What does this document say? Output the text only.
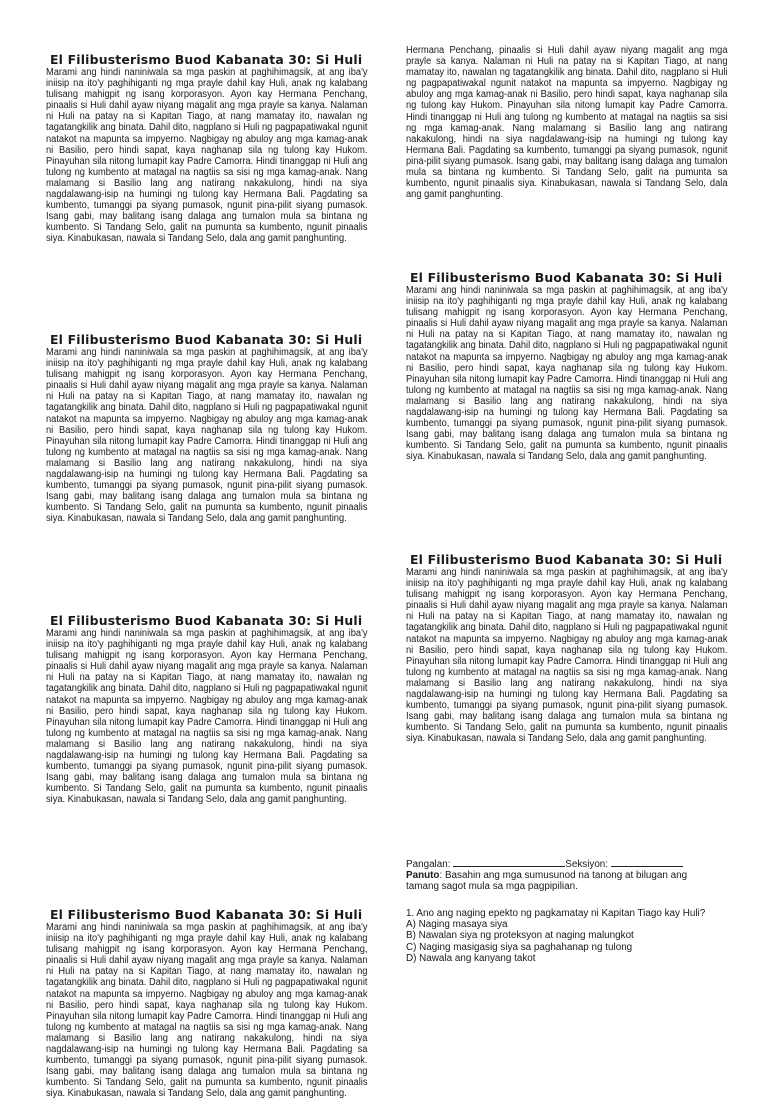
El Filibusterismo Buod Kabanata 30: Si Huli

Marami ang hindi naniniwala sa mga paskin at paghihimagsik, at ang iba'y iniisip na ito'y paghihiganti ng mga prayle dahil kay Huli, anak ng kalabang tulisang mahigpit ng isang korporasyon. Ayon kay Hermana Penchang, pinaalis si Huli dahil ayaw niyang magalit ang mga prayle sa kanya. Nalaman ni Huli na patay na si Kapitan Tiago, at nang mamatay ito, nawalan ng tagatangkilik ang binata. Dahil dito, nagplano si Huli ng pagpapatiwakal ngunit natakot na mapunta sa impyerno. Nagbigay ng abuloy ang mga kamag-anak ni Basilio, pero hindi sapat, kaya naghanap sila ng tulong kay Hukom. Pinayuhan sila nitong lumapit kay Padre Camorra. Hindi tinanggap ni Huli ang tulong ng kumbento at matagal na nagtiis sa sisi ng mga kamag-anak. Nang malamang si Basilio lang ang natirang nakakulong, hindi na siya nagdalawang-isip na humingi ng tulong kay Hermana Bali. Pagdating sa kumbento, tumanggi pa siyang pumasok, ngunit pina-pilit siyang pumasok. Isang gabi, may balitang isang dalaga ang tumalon mula sa bintana ng kumbento. Si Tandang Selo, galit na pumunta sa kumbento, ngunit pinaalis siya. Kinabukasan, nawala si Tandang Selo, dala ang gamit panghunting.

El Filibusterismo Buod Kabanata 30: Si Huli

Marami ang hindi naniniwala sa mga paskin at paghihimagsik, at ang iba'y iniisip na ito'y paghihiganti ng mga prayle dahil kay Huli, anak ng kalabang tulisang mahigpit ng isang korporasyon. Ayon kay Hermana Penchang, pinaalis si Huli dahil ayaw niyang magalit ang mga prayle sa kanya. Nalaman ni Huli na patay na si Kapitan Tiago, at nang mamatay ito, nawalan ng tagatangkilik ang binata. Dahil dito, nagplano si Huli ng pagpapatiwakal ngunit natakot na mapunta sa impyerno. Nagbigay ng abuloy ang mga kamag-anak ni Basilio, pero hindi sapat, kaya naghanap sila ng tulong kay Hukom. Pinayuhan sila nitong lumapit kay Padre Camorra. Hindi tinanggap ni Huli ang tulong ng kumbento at matagal na nagtiis sa sisi ng mga kamag-anak. Nang malamang si Basilio lang ang natirang nakakulong, hindi na siya nagdalawang-isip na humingi ng tulong kay Hermana Bali. Pagdating sa kumbento, tumanggi pa siyang pumasok, ngunit pina-pilit siyang pumasok. Isang gabi, may balitang isang dalaga ang tumalon mula sa bintana ng kumbento. Si Tandang Selo, galit na pumunta sa kumbento, ngunit pinaalis siya. Kinabukasan, nawala si Tandang Selo, dala ang gamit panghunting.

El Filibusterismo Buod Kabanata 30: Si Huli

Marami ang hindi naniniwala sa mga paskin at paghihimagsik, at ang iba'y iniisip na ito'y paghihiganti ng mga prayle dahil kay Huli, anak ng kalabang tulisang mahigpit ng isang korporasyon. Ayon kay Hermana Penchang, pinaalis si Huli dahil ayaw niyang magalit ang mga prayle sa kanya. Nalaman ni Huli na patay na si Kapitan Tiago, at nang mamatay ito, nawalan ng tagatangkilik ang binata. Dahil dito, nagplano si Huli ng pagpapatiwakal ngunit natakot na mapunta sa impyerno. Nagbigay ng abuloy ang mga kamag-anak ni Basilio, pero hindi sapat, kaya naghanap sila ng tulong kay Hukom. Pinayuhan sila nitong lumapit kay Padre Camorra. Hindi tinanggap ni Huli ang tulong ng kumbento at matagal na nagtiis sa sisi ng mga kamag-anak. Nang malamang si Basilio lang ang natirang nakakulong, hindi na siya nagdalawang-isip na humingi ng tulong kay Hermana Bali. Pagdating sa kumbento, tumanggi pa siyang pumasok, ngunit pina-pilit siyang pumasok. Isang gabi, may balitang isang dalaga ang tumalon mula sa bintana ng kumbento. Si Tandang Selo, galit na pumunta sa kumbento, ngunit pinaalis siya. Kinabukasan, nawala si Tandang Selo, dala ang gamit panghunting.

El Filibusterismo Buod Kabanata 30: Si Huli

Marami ang hindi naniniwala sa mga paskin at paghihimagsik, at ang iba'y iniisip na ito'y paghihiganti ng mga prayle dahil kay Huli, anak ng kalabang tulisang mahigpit ng isang korporasyon. Ayon kay Hermana Penchang, pinaalis si Huli dahil ayaw niyang magalit ang mga prayle sa kanya. Nalaman ni Huli na patay na si Kapitan Tiago, at nang mamatay ito, nawalan ng tagatangkilik ang binata. Dahil dito, nagplano si Huli ng pagpapatiwakal ngunit natakot na mapunta sa impyerno. Nagbigay ng abuloy ang mga kamag-anak ni Basilio, pero hindi sapat, kaya naghanap sila ng tulong kay Hukom. Pinayuhan sila nitong lumapit kay Padre Camorra. Hindi tinanggap ni Huli ang tulong ng kumbento at matagal na nagtiis sa sisi ng mga kamag-anak. Nang malamang si Basilio lang ang natirang nakakulong, hindi na siya nagdalawang-isip na humingi ng tulong kay Hermana Bali. Pagdating sa kumbento, tumanggi pa siyang pumasok, ngunit pina-pilit siyang pumasok. Isang gabi, may balitang isang dalaga ang tumalon mula sa bintana ng kumbento. Si Tandang Selo, galit na pumunta sa kumbento, ngunit pinaalis siya. Kinabukasan, nawala si Tandang Selo, dala ang gamit panghunting.

Hermana Penchang, pinaalis si Huli dahil ayaw niyang magalit ang mga prayle sa kanya. Nalaman ni Huli na patay na si Kapitan Tiago, at nang mamatay ito, nawalan ng tagatangkilik ang binata. Dahil dito, nagplano si Huli ng pagpapatiwakal ngunit natakot na mapunta sa impyerno. Nagbigay ng abuloy ang mga kamag-anak ni Basilio, pero hindi sapat, kaya naghanap sila ng tulong kay Hukom. Pinayuhan sila nitong lumapit kay Padre Camorra. Hindi tinanggap ni Huli ang tulong ng kumbento at matagal na nagtiis sa sisi ng mga kamag-anak. Nang malamang si Basilio lang ang natirang nakakulong, hindi na siya nagdalawang-isip na humingi ng tulong kay Hermana Bali. Pagdating sa kumbento, tumanggi pa siyang pumasok, ngunit pina-pilit siyang pumasok. Isang gabi, may balitang isang dalaga ang tumalon mula sa bintana ng kumbento. Si Tandang Selo, galit na pumunta sa kumbento, ngunit pinaalis siya. Kinabukasan, nawala si Tandang Selo, dala ang gamit panghunting.

El Filibusterismo Buod Kabanata 30: Si Huli

Marami ang hindi naniniwala sa mga paskin at paghihimagsik, at ang iba'y iniisip na ito'y paghihiganti ng mga prayle dahil kay Huli, anak ng kalabang tulisang mahigpit ng isang korporasyon. Ayon kay Hermana Penchang, pinaalis si Huli dahil ayaw niyang magalit ang mga prayle sa kanya. Nalaman ni Huli na patay na si Kapitan Tiago, at nang mamatay ito, nawalan ng tagatangkilik ang binata. Dahil dito, nagplano si Huli ng pagpapatiwakal ngunit natakot na mapunta sa impyerno. Nagbigay ng abuloy ang mga kamag-anak ni Basilio, pero hindi sapat, kaya naghanap sila ng tulong kay Hukom. Pinayuhan sila nitong lumapit kay Padre Camorra. Hindi tinanggap ni Huli ang tulong ng kumbento at matagal na nagtiis sa sisi ng mga kamag-anak. Nang malamang si Basilio lang ang natirang nakakulong, hindi na siya nagdalawang-isip na humingi ng tulong kay Hermana Bali. Pagdating sa kumbento, tumanggi pa siyang pumasok, ngunit pina-pilit siyang pumasok. Isang gabi, may balitang isang dalaga ang tumalon mula sa bintana ng kumbento. Si Tandang Selo, galit na pumunta sa kumbento, ngunit pinaalis siya. Kinabukasan, nawala si Tandang Selo, dala ang gamit panghunting.

El Filibusterismo Buod Kabanata 30: Si Huli

Marami ang hindi naniniwala sa mga paskin at paghihimagsik, at ang iba'y iniisip na ito'y paghihiganti ng mga prayle dahil kay Huli, anak ng kalabang tulisang mahigpit ng isang korporasyon. Ayon kay Hermana Penchang, pinaalis si Huli dahil ayaw niyang magalit ang mga prayle sa kanya. Nalaman ni Huli na patay na si Kapitan Tiago, at nang mamatay ito, nawalan ng tagatangkilik ang binata. Dahil dito, nagplano si Huli ng pagpapatiwakal ngunit natakot na mapunta sa impyerno. Nagbigay ng abuloy ang mga kamag-anak ni Basilio, pero hindi sapat, kaya naghanap sila ng tulong kay Hukom. Pinayuhan sila nitong lumapit kay Padre Camorra. Hindi tinanggap ni Huli ang tulong ng kumbento at matagal na nagtiis sa sisi ng mga kamag-anak. Nang malamang si Basilio lang ang natirang nakakulong, hindi na siya nagdalawang-isip na humingi ng tulong kay Hermana Bali. Pagdating sa kumbento, tumanggi pa siyang pumasok, ngunit pina-pilit siyang pumasok. Isang gabi, may balitang isang dalaga ang tumalon mula sa bintana ng kumbento. Si Tandang Selo, galit na pumunta sa kumbento, ngunit pinaalis siya. Kinabukasan, nawala si Tandang Selo, dala ang gamit panghunting.

Pangalan:	Seksiyon:

Panuto: Basahin ang mga sumusunod na tanong at bilugan ang tamang sagot mula sa mga pagpipilian.

1. Ano ang naging epekto ng pagkamatay ni Kapitan Tiago kay Huli?

A) Naging masaya siya

B) Nawalan siya ng proteksyon at naging malungkot

C) Naging masigasig siya sa paghahanap ng tulong

D) Nawala ang kanyang takot
